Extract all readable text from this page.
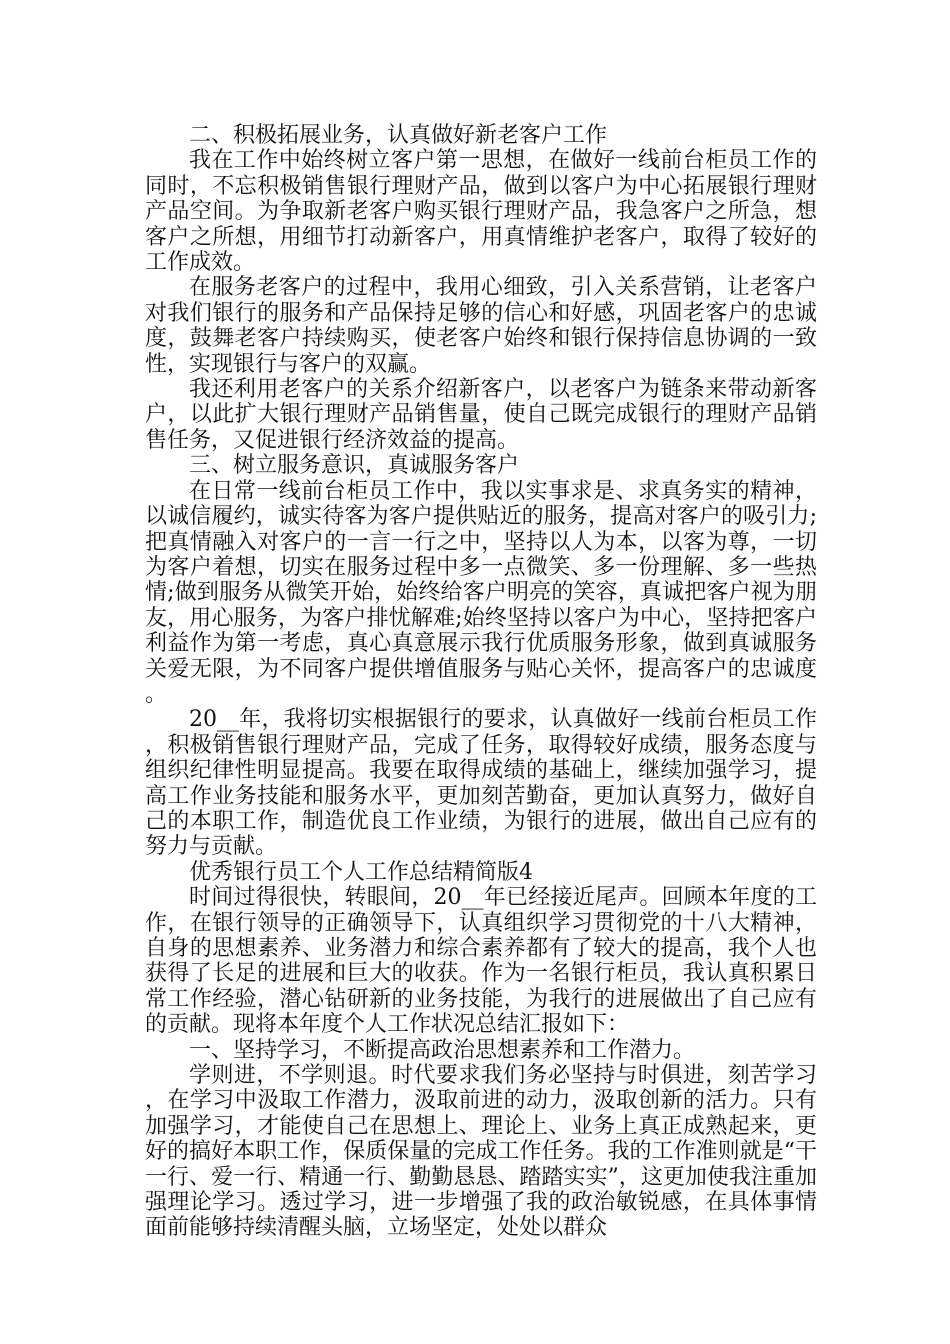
二、积极拓展业务，认真做好新老客户工作

我在工作中始终树立客户第一思想，在做好一线前台柜员工作的同时，不忘积极销售银行理财产品，做到以客户为中心拓展银行理财产品空间。为争取新老客户购买银行理财产品，我急客户之所急，想客户之所想，用细节打动新客户，用真情维护老客户，取得了较好的工作成效。

在服务老客户的过程中，我用心细致，引入关系营销，让老客户对我们银行的服务和产品保持足够的信心和好感，巩固老客户的忠诚度，鼓舞老客户持续购买，使老客户始终和银行保持信息协调的一致性，实现银行与客户的双赢。

我还利用老客户的关系介绍新客户，以老客户为链条来带动新客户，以此扩大银行理财产品销售量，使自己既完成银行的理财产品销售任务，又促进银行经济效益的提高。

三、树立服务意识，真诚服务客户

在日常一线前台柜员工作中，我以实事求是、求真务实的精神，以诚信履约，诚实待客为客户提供贴近的服务，提高对客户的吸引力;把真情融入对客户的一言一行之中，坚持以人为本，以客为尊，一切为客户着想，切实在服务过程中多一点微笑、多一份理解、多一些热情;做到服务从微笑开始，始终给客户明亮的笑容，真诚把客户视为朋友，用心服务，为客户排忧解难;始终坚持以客户为中心，坚持把客户利益作为第一考虑，真心真意展示我行优质服务形象，做到真诚服务关爱无限，为不同客户提供增值服务与贴心关怀，提高客户的忠诚度。

20__年，我将切实根据银行的要求，认真做好一线前台柜员工作，积极销售银行理财产品，完成了任务，取得较好成绩，服务态度与组织纪律性明显提高。我要在取得成绩的基础上，继续加强学习，提高工作业务技能和服务水平，更加刻苦勤奋，更加认真努力，做好自己的本职工作，制造优良工作业绩，为银行的进展，做出自己应有的努力与贡献。

优秀银行员工个人工作总结精简版4

时间过得很快，转眼间，20__年已经接近尾声。回顾本年度的工作，在银行领导的正确领导下，认真组织学习贯彻党的十八大精神，自身的思想素养、业务潜力和综合素养都有了较大的提高，我个人也获得了长足的进展和巨大的收获。作为一名银行柜员，我认真积累日常工作经验，潜心钻研新的业务技能，为我行的进展做出了自己应有的贡献。现将本年度个人工作状况总结汇报如下：

一、坚持学习，不断提高政治思想素养和工作潜力。

学则进，不学则退。时代要求我们务必坚持与时俱进，刻苦学习，在学习中汲取工作潜力，汲取前进的动力，汲取创新的活力。只有加强学习，才能使自己在思想上、理论上、业务上真正成熟起来，更好的搞好本职工作，保质保量的完成工作任务。我的工作准则就是“干一行、爱一行、精通一行、勤勤恳恳、踏踏实实”，这更加使我注重加强理论学习。透过学习，进一步增强了我的政治敏锐感，在具体事情面前能够持续清醒头脑，立场坚定，处处以群众
